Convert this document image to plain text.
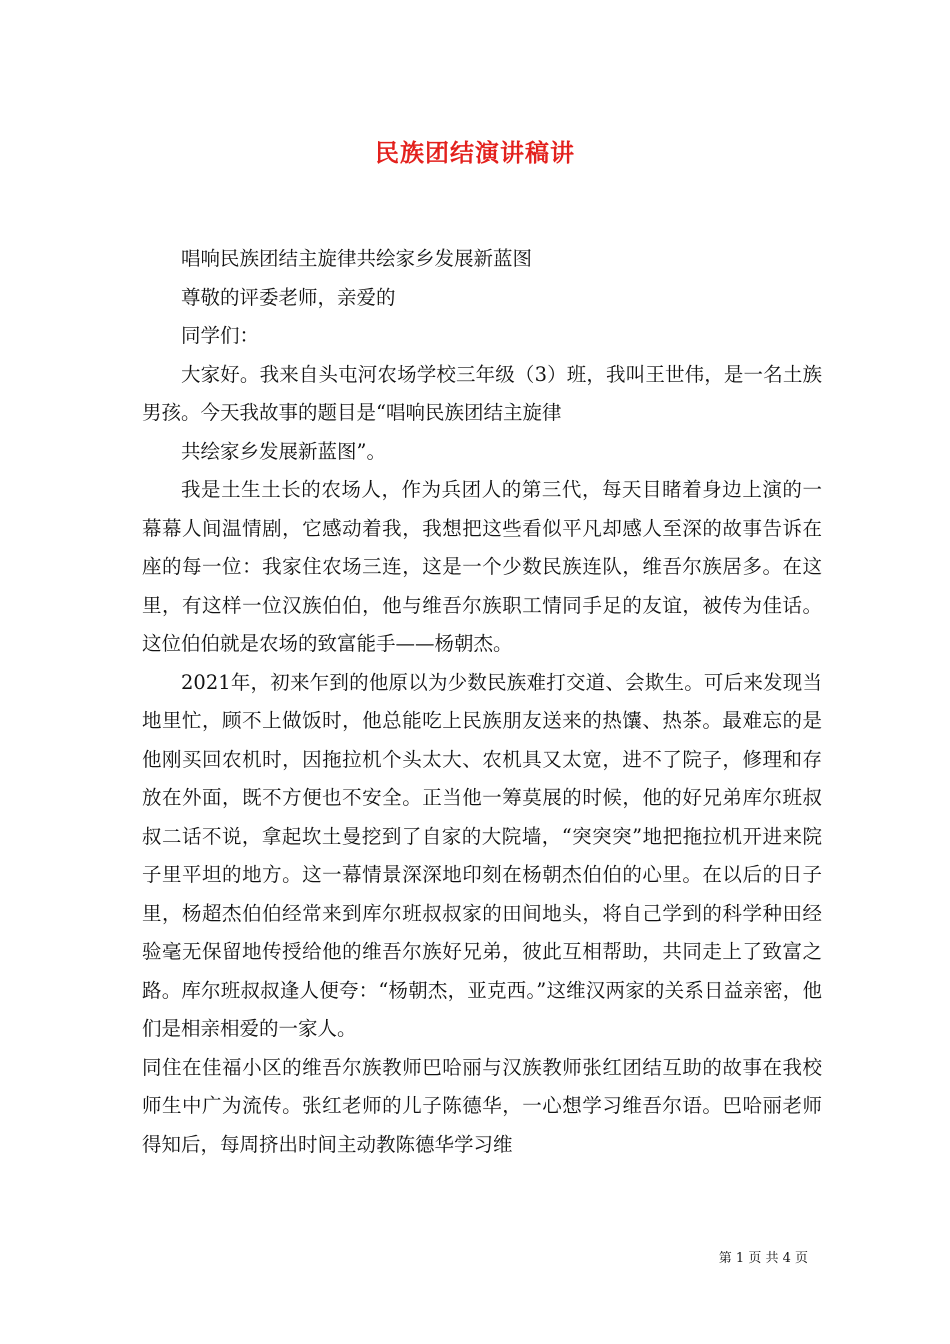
民族团结演讲稿讲

唱响民族团结主旋律共绘家乡发展新蓝图

尊敬的评委老师，亲爱的

同学们：

大家好。我来自头屯河农场学校三年级（3）班，我叫王世伟，是一名土族男孩。今天我故事的题目是“唱响民族团结主旋律

共绘家乡发展新蓝图”。

我是土生土长的农场人，作为兵团人的第三代，每天目睹着身边上演的一幕幕人间温情剧，它感动着我，我想把这些看似平凡却感人至深的故事告诉在座的每一位：我家住农场三连，这是一个少数民族连队，维吾尔族居多。在这里，有这样一位汉族伯伯，他与维吾尔族职工情同手足的友谊，被传为佳话。这位伯伯就是农场的致富能手——杨朝杰。

2021年，初来乍到的他原以为少数民族难打交道、会欺生。可后来发现当地里忙，顾不上做饭时，他总能吃上民族朋友送来的热馕、热茶。最难忘的是他刚买回农机时，因拖拉机个头太大、农机具又太宽，进不了院子，修理和存放在外面，既不方便也不安全。正当他一筹莫展的时候，他的好兄弟库尔班叔叔二话不说，拿起坎土曼挖到了自家的大院墙，“突突突”地把拖拉机开进来院子里平坦的地方。这一幕情景深深地印刻在杨朝杰伯伯的心里。在以后的日子里，杨超杰伯伯经常来到库尔班叔叔家的田间地头，将自己学到的科学种田经验毫无保留地传授给他的维吾尔族好兄弟，彼此互相帮助，共同走上了致富之路。库尔班叔叔逢人便夸：“杨朝杰，亚克西。”这维汉两家的关系日益亲密，他们是相亲相爱的一家人。

同住在佳福小区的维吾尔族教师巴哈丽与汉族教师张红团结互助的故事在我校师生中广为流传。张红老师的儿子陈德华，一心想学习维吾尔语。巴哈丽老师得知后，每周挤出时间主动教陈德华学习维

第 1 页 共 4 页
